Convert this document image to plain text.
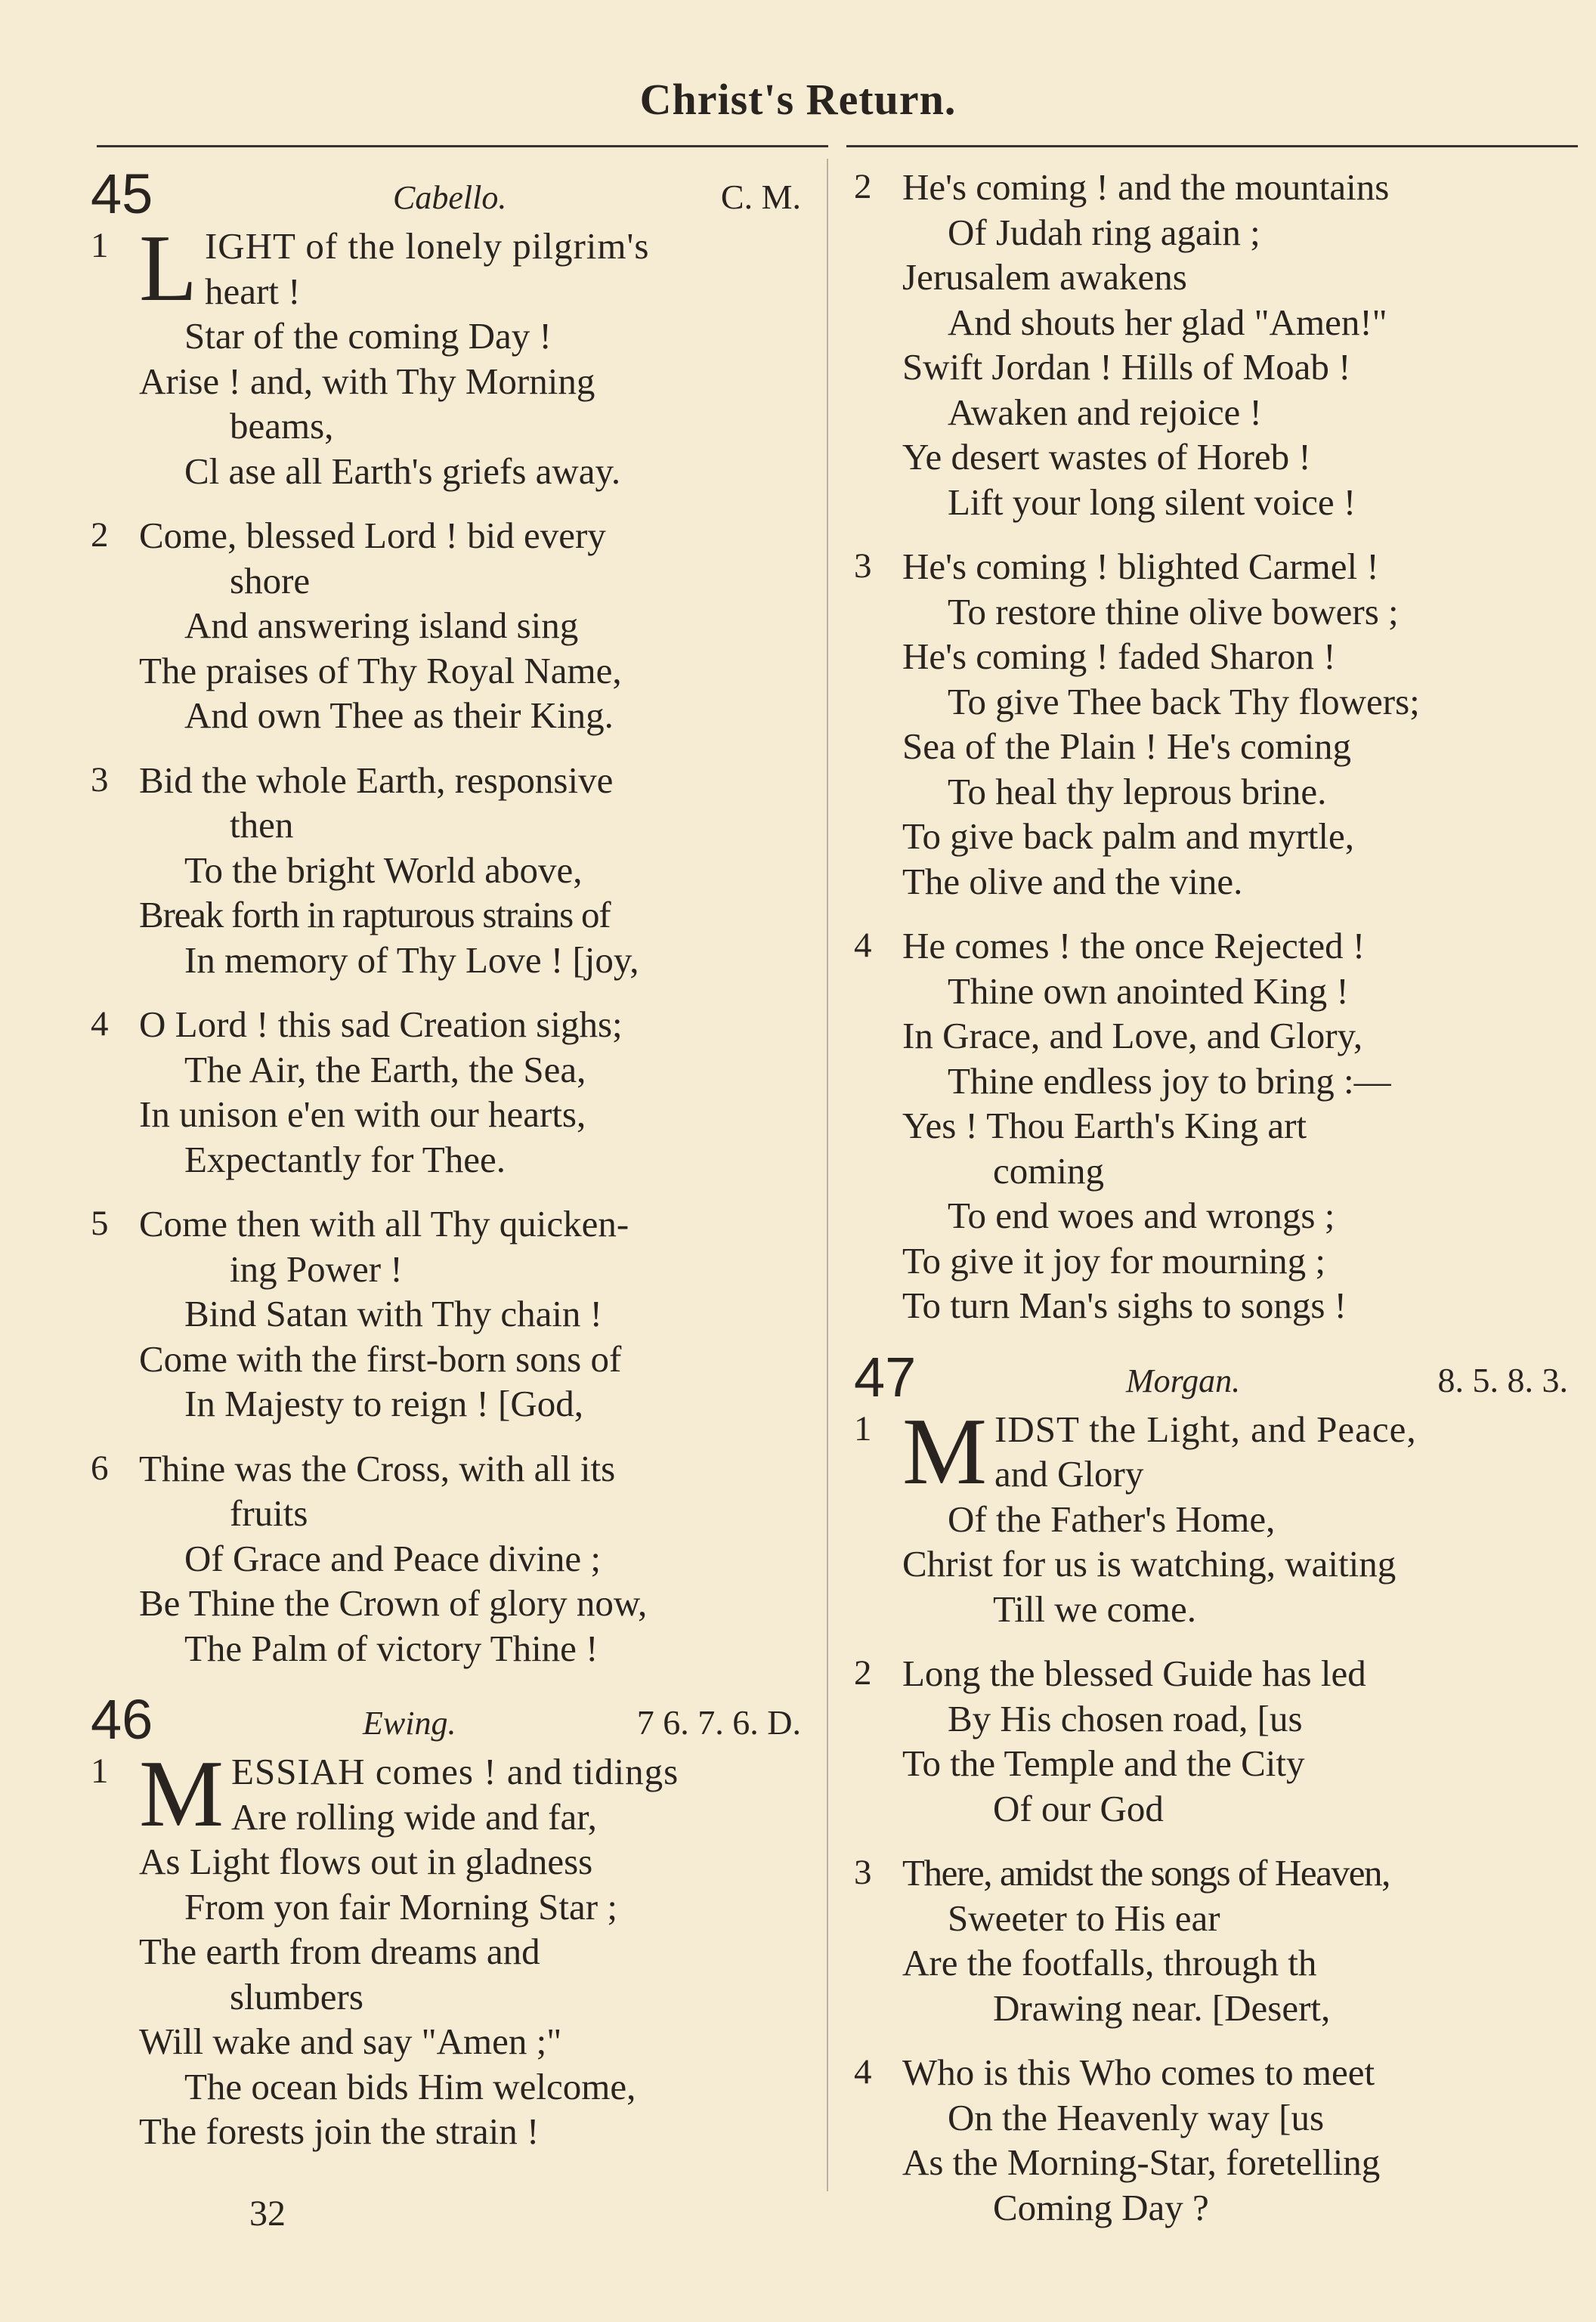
Christ's Return.
45	Cabello.	C. M.
1 L IGHT of the lonely pilgrim's
heart !
Star of the coming Day !
Arise ! and, with Thy Morning
beams,
Cl ase all Earth's griefs away.
2 Come, blessed Lord ! bid every
shore
And answering island sing
The praises of Thy Royal Name,
And own Thee as their King.
3 Bid the whole Earth, responsive
then
To the bright World above,
Break forth in rapturous strains of
In memory of Thy Love ! [joy,
4 O Lord ! this sad Creation sighs;
The Air, the Earth, the Sea,
In unison e'en with our hearts,
Expectantly for Thee.
5 Come then with all Thy quicken-
ing Power !
Bind Satan with Thy chain !
Come with the first-born sons of
In Majesty to reign ! [God,
6 Thine was the Cross, with all its
fruits
Of Grace and Peace divine ;
Be Thine the Crown of glory now,
The Palm of victory Thine !
46	Ewing.	7 6. 7. 6. D.
1 M ESSIAH comes ! and tidings
Are rolling wide and far,
As Light flows out in gladness
From yon fair Morning Star ;
The earth from dreams and
slumbers
Will wake and say "Amen ;"
The ocean bids Him welcome,
The forests join the strain !
32
2 He's coming ! and the mountains
Of Judah ring again ;
Jerusalem awakens
And shouts her glad "Amen!"
Swift Jordan ! Hills of Moab !
Awaken and rejoice !
Ye desert wastes of Horeb !
Lift your long silent voice !
3 He's coming ! blighted Carmel !
To restore thine olive bowers ;
He's coming ! faded Sharon !
To give Thee back Thy flowers;
Sea of the Plain ! He's coming
To heal thy leprous brine.
To give back palm and myrtle,
The olive and the vine.
4 He comes ! the once Rejected !
Thine own anointed King !
In Grace, and Love, and Glory,
Thine endless joy to bring :—
Yes ! Thou Earth's King art
coming
To end woes and wrongs ;
To give it joy for mourning ;
To turn Man's sighs to songs !
47	Morgan.	8. 5. 8. 3.
1 M IDST the Light, and Peace,
and Glory
Of the Father's Home,
Christ for us is watching, waiting
Till we come.
2 Long the blessed Guide has led
By His chosen road, [us
To the Temple and the City
Of our God
3 There, amidst the songs of Heaven,
Sweeter to His ear
Are the footfalls, through th
Drawing near. [Desert,
4 Who is this Who comes to meet
On the Heavenly way [us
As the Morning-Star, foretelling
Coming Day ?
